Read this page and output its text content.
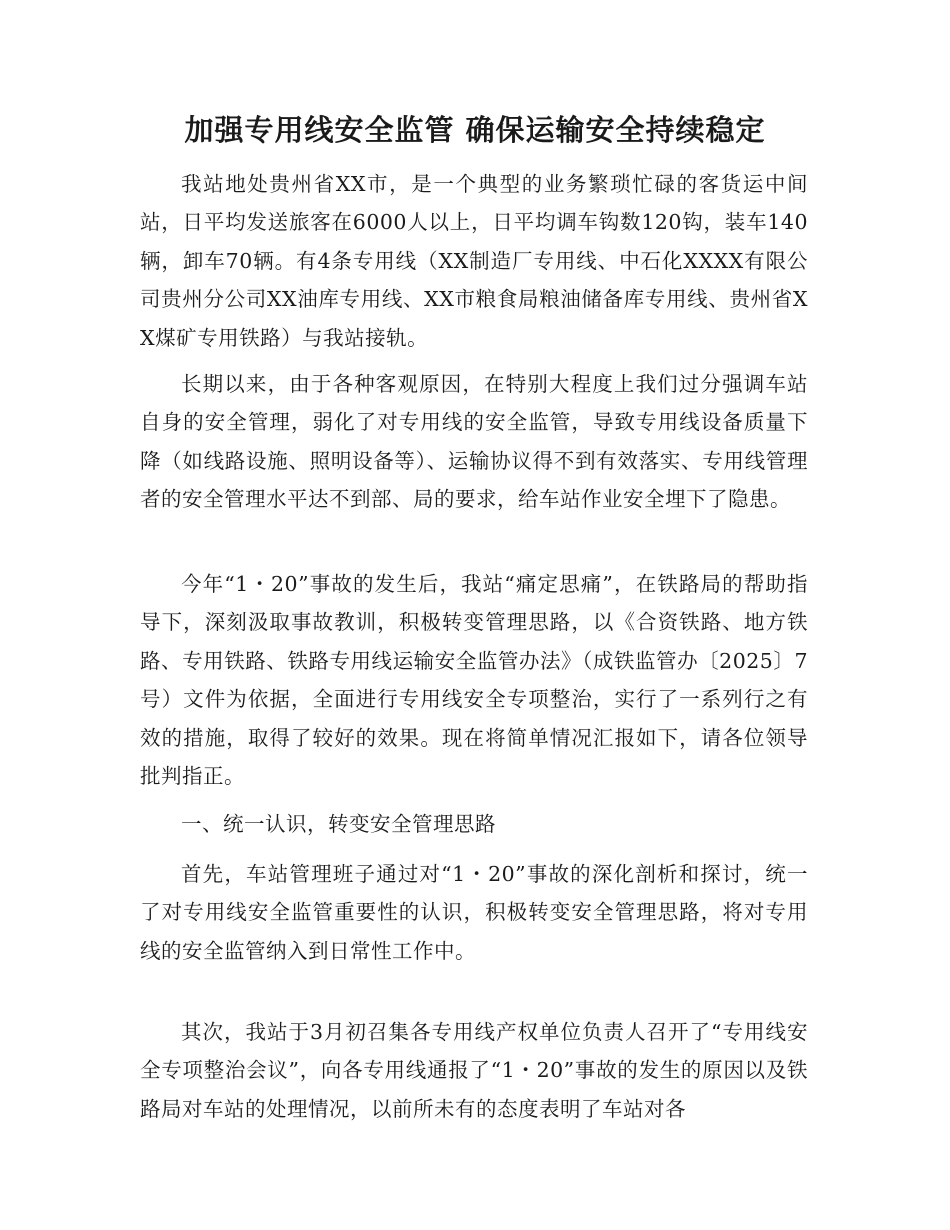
加强专用线安全监管 确保运输安全持续稳定

我站地处贵州省XX市，是一个典型的业务繁琐忙碌的客货运中间站，日平均发送旅客在6000人以上，日平均调车钩数120钩，装车140辆，卸车70辆。有4条专用线（XX制造厂专用线、中石化XXXX有限公司贵州分公司XX油库专用线、XX市粮食局粮油储备库专用线、贵州省XX煤矿专用铁路）与我站接轨。

长期以来，由于各种客观原因，在特别大程度上我们过分强调车站自身的安全管理，弱化了对专用线的安全监管，导致专用线设备质量下降（如线路设施、照明设备等）、运输协议得不到有效落实、专用线管理者的安全管理水平达不到部、局的要求，给车站作业安全埋下了隐患。

今年“1・20”事故的发生后，我站“痛定思痛”，在铁路局的帮助指导下，深刻汲取事故教训，积极转变管理思路，以《合资铁路、地方铁路、专用铁路、铁路专用线运输安全监管办法》（成铁监管办〔2025〕7号）文件为依据，全面进行专用线安全专项整治，实行了一系列行之有效的措施，取得了较好的效果。现在将简单情况汇报如下，请各位领导批判指正。

一、统一认识，转变安全管理思路

首先，车站管理班子通过对“1・20”事故的深化剖析和探讨，统一了对专用线安全监管重要性的认识，积极转变安全管理思路，将对专用线的安全监管纳入到日常性工作中。

其次，我站于3月初召集各专用线产权单位负责人召开了“专用线安全专项整治会议”，向各专用线通报了“1・20”事故的发生的原因以及铁路局对车站的处理情况，以前所未有的态度表明了车站对各
